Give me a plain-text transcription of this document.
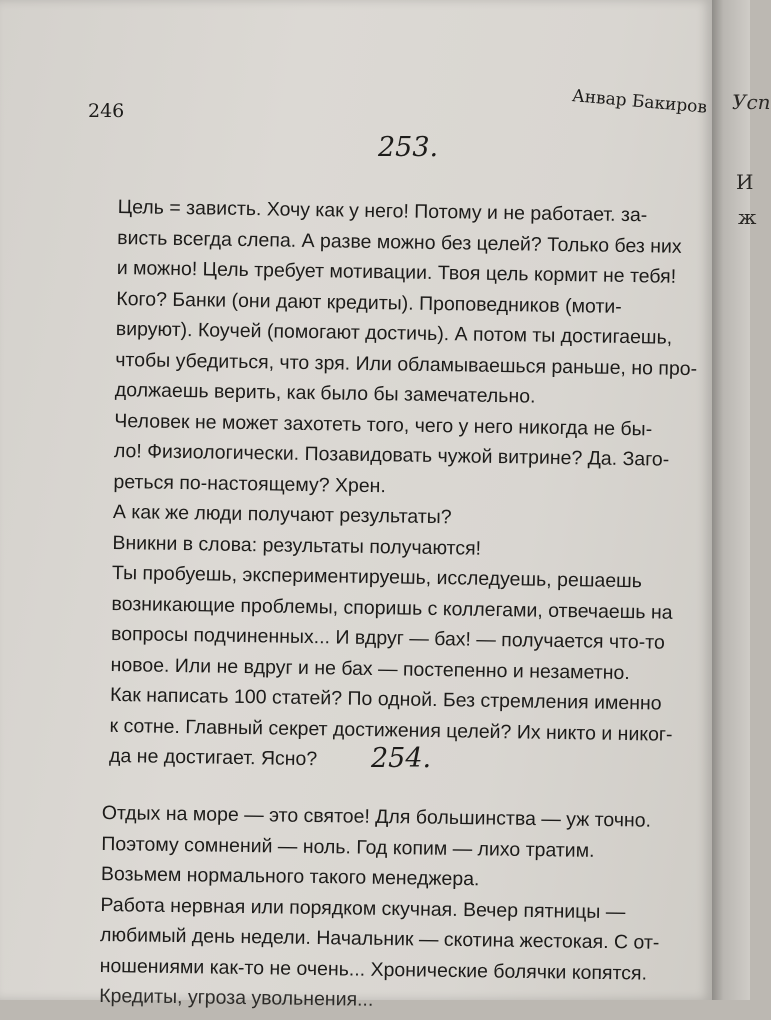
246	Анвар Бакиров
253.
Цель = зависть. Хочу как у него! Потому и не работает. за-
висть всегда слепа. А разве можно без целей? Только без них
и можно! Цель требует мотивации. Твоя цель кормит не тебя!
Кого? Банки (они дают кредиты). Проповедников (моти-
вируют). Коучей (помогают достичь). А потом ты достигаешь,
чтобы убедиться, что зря. Или обламываешься раньше, но про-
должаешь верить, как было бы замечательно.
Человек не может захотеть того, чего у него никогда не бы-
ло! Физиологически. Позавидовать чужой витрине? Да. Заго-
реться по-настоящему? Хрен.
А как же люди получают результаты?
Вникни в слова: результаты получаются!
Ты пробуешь, экспериментируешь, исследуешь, решаешь
возникающие проблемы, споришь с коллегами, отвечаешь на
вопросы подчиненных... И вдруг — бах! — получается что-то
новое. Или не вдруг и не бах — постепенно и незаметно.
Как написать 100 статей? По одной. Без стремления именно
к сотне. Главный секрет достижения целей? Их никто и никог-
да не достигает. Ясно?	254.
Отдых на море — это святое! Для большинства — уж точно.
Поэтому сомнений — ноль. Год копим — лихо тратим.
Возьмем нормального такого менеджера.
Работа нервная или порядком скучная. Вечер пятницы —
любимый день недели. Начальник — скотина жестокая. С от-
ношениями как-то не очень... Хронические болячки копятся.
Кредиты, угроза увольнения...
Усп
И
ж
